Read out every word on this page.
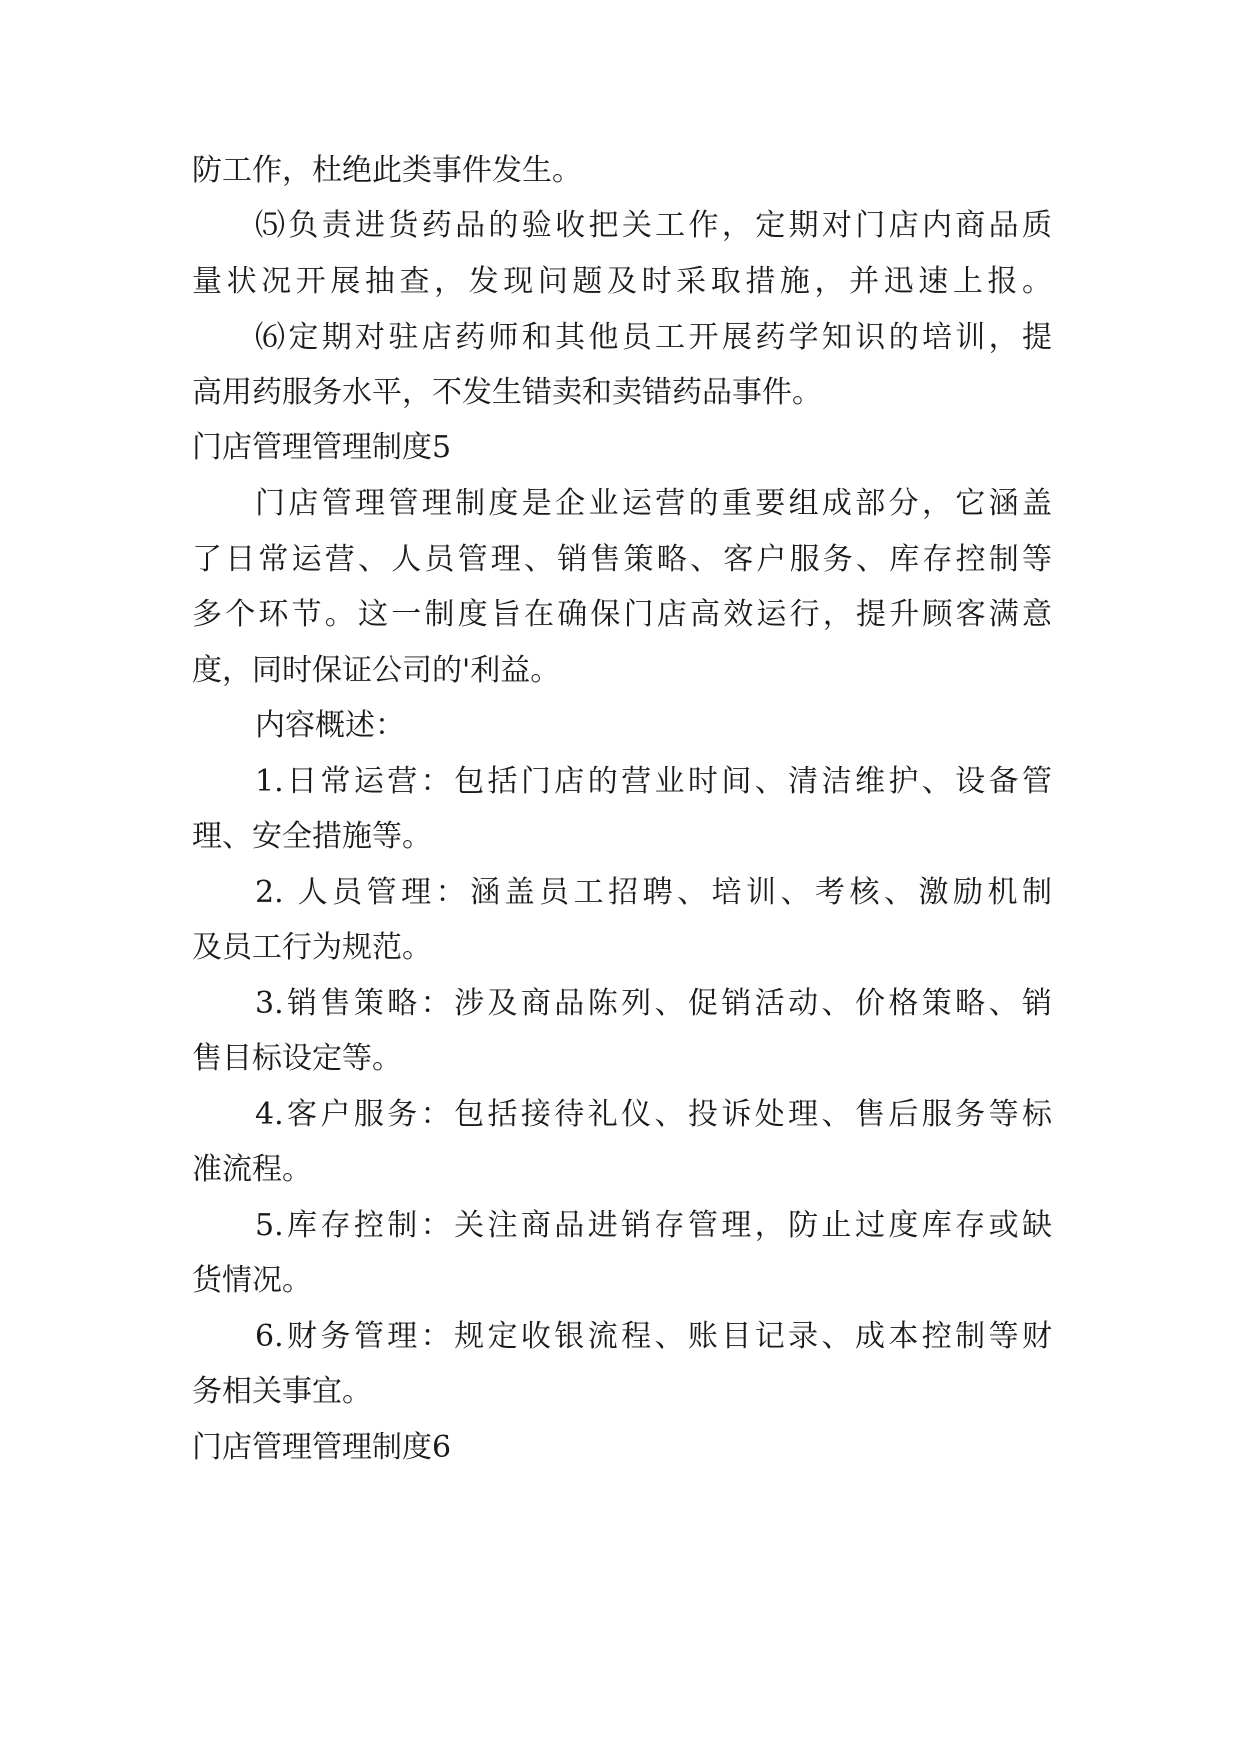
防工作，杜绝此类事件发生。
⑸负责进货药品的验收把关工作，定期对门店内商品质
量状况开展抽查，发现问题及时采取措施，并迅速上报。
⑹定期对驻店药师和其他员工开展药学知识的培训，提
高用药服务水平，不发生错卖和卖错药品事件。
门店管理管理制度5
门店管理管理制度是企业运营的重要组成部分，它涵盖
了日常运营、人员管理、销售策略、客户服务、库存控制等
多个环节。这一制度旨在确保门店高效运行，提升顾客满意
度，同时保证公司的'利益。
内容概述：
1.日常运营：包括门店的营业时间、清洁维护、设备管
理、安全措施等。
2. 人员管理：涵盖员工招聘、培训、考核、激励机制
及员工行为规范。
3.销售策略：涉及商品陈列、促销活动、价格策略、销
售目标设定等。
4.客户服务：包括接待礼仪、投诉处理、售后服务等标
准流程。
5.库存控制：关注商品进销存管理，防止过度库存或缺
货情况。
6.财务管理：规定收银流程、账目记录、成本控制等财
务相关事宜。
门店管理管理制度6
